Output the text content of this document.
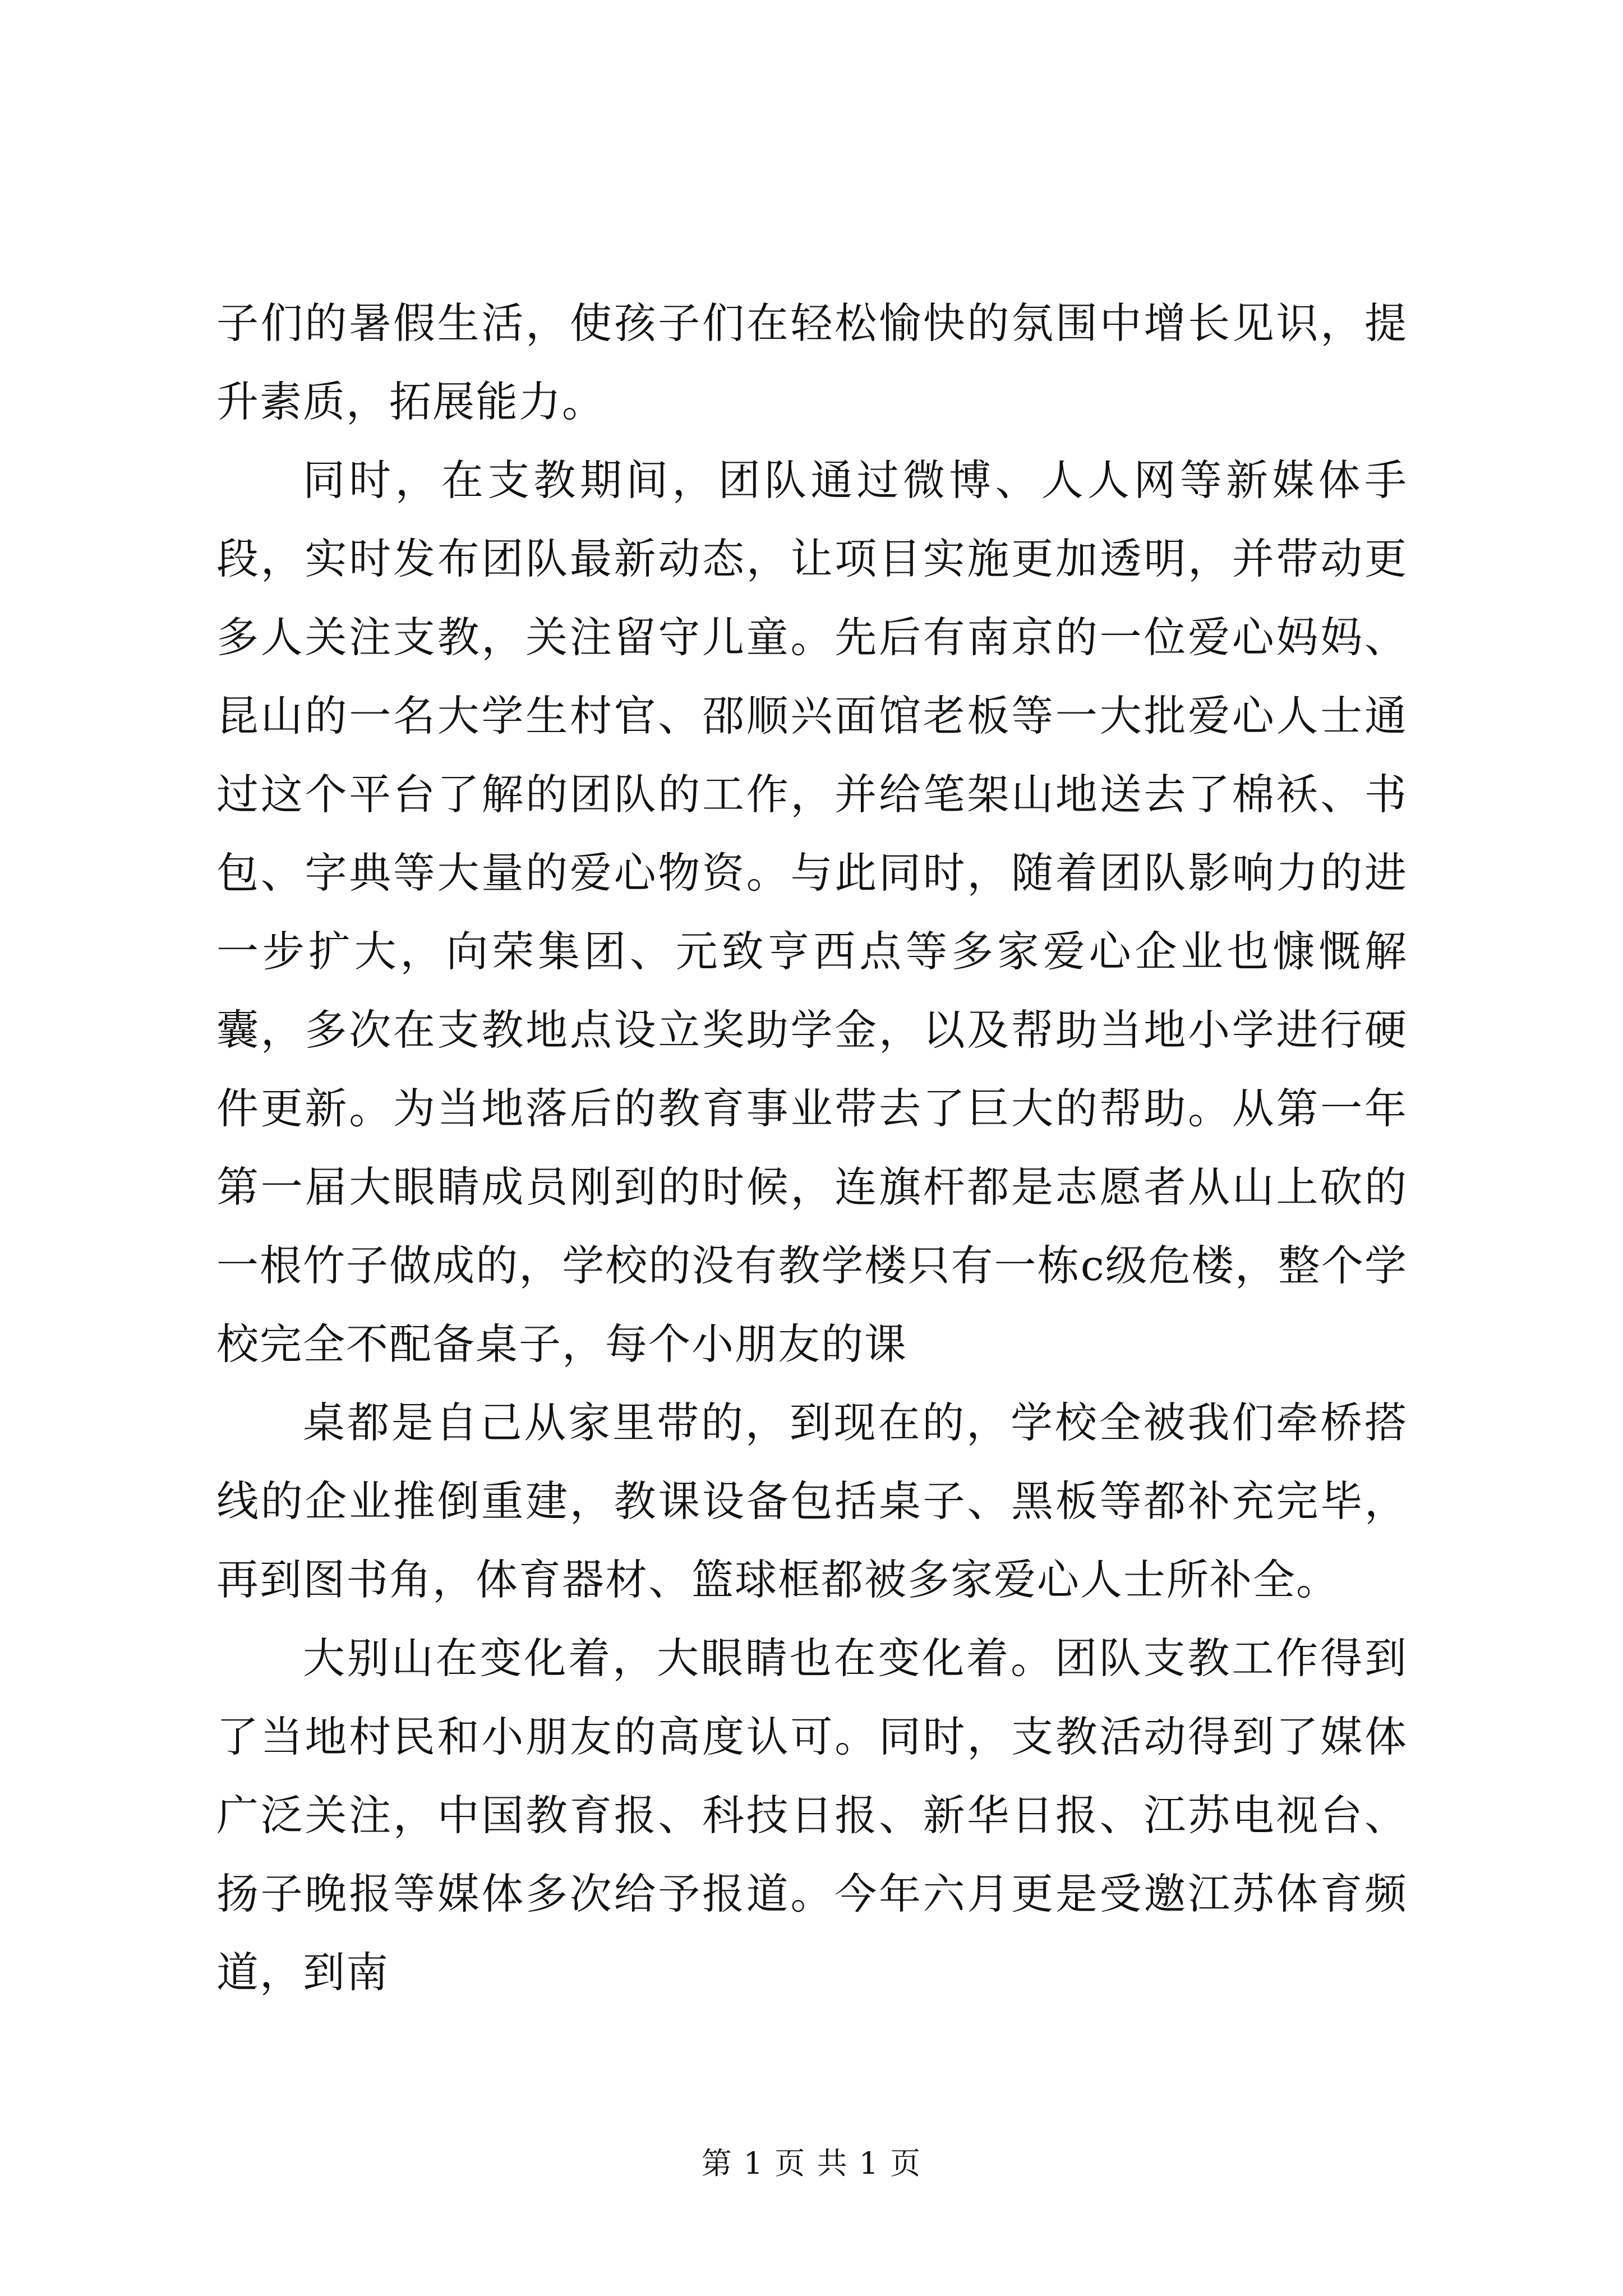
子们的暑假生活，使孩子们在轻松愉快的氛围中增长见识，提升素质，拓展能力。

同时，在支教期间，团队通过微博、人人网等新媒体手段，实时发布团队最新动态，让项目实施更加透明，并带动更多人关注支教，关注留守儿童。先后有南京的一位爱心妈妈、昆山的一名大学生村官、邵顺兴面馆老板等一大批爱心人士通过这个平台了解的团队的工作，并给笔架山地送去了棉袄、书包、字典等大量的爱心物资。与此同时，随着团队影响力的进一步扩大，向荣集团、元致亨西点等多家爱心企业也慷慨解囊，多次在支教地点设立奖助学金，以及帮助当地小学进行硬件更新。为当地落后的教育事业带去了巨大的帮助。从第一年第一届大眼睛成员刚到的时候，连旗杆都是志愿者从山上砍的一根竹子做成的，学校的没有教学楼只有一栋c级危楼，整个学校完全不配备桌子，每个小朋友的课

桌都是自己从家里带的，到现在的，学校全被我们牵桥搭线的企业推倒重建，教课设备包括桌子、黑板等都补充完毕，再到图书角，体育器材、篮球框都被多家爱心人士所补全。

大别山在变化着，大眼睛也在变化着。团队支教工作得到了当地村民和小朋友的高度认可。同时，支教活动得到了媒体广泛关注，中国教育报、科技日报、新华日报、江苏电视台、扬子晚报等媒体多次给予报道。今年六月更是受邀江苏体育频道，到南

第 1 页 共 1 页
